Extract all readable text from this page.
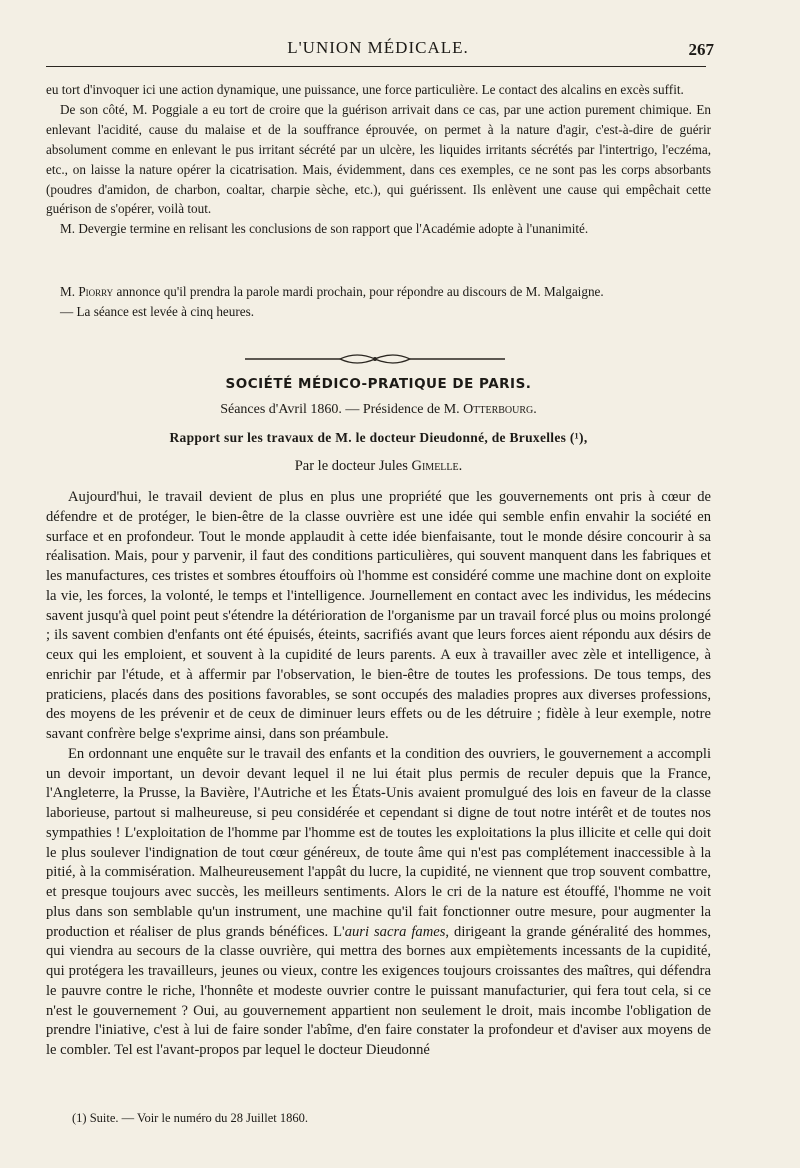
L'UNION MÉDICALE.	267

eu tort d'invoquer ici une action dynamique, une puissance, une force particulière. Le contact des alcalins en excès suffit.

De son côté, M. Poggiale a eu tort de croire que la guérison arrivait dans ce cas, par une action purement chimique. En enlevant l'acidité, cause du malaise et de la souffrance éprouvée, on permet à la nature d'agir, c'est-à-dire de guérir absolument comme en enlevant le pus irritant sécrété par un ulcère, les liquides irritants sécrétés par l'intertrigo, l'eczéma, etc., on laisse la nature opérer la cicatrisation. Mais, évidemment, dans ces exemples, ce ne sont pas les corps absorbants (poudres d'amidon, de charbon, coaltar, charpie sèche, etc.), qui guérissent. Ils enlèvent une cause qui empêchait cette guérison de s'opérer, voilà tout.

M. Devergie termine en relisant les conclusions de son rapport que l'Académie adopte à l'unanimité.

M. Piorry annonce qu'il prendra la parole mardi prochain, pour répondre au discours de M. Malgaigne.

— La séance est levée à cinq heures.

SOCIÉTÉ MÉDICO-PRATIQUE DE PARIS.
Séances d'Avril 1860. — Présidence de M. Otterbourg.
Rapport sur les travaux de M. le docteur Dieudonné, de Bruxelles (¹),
Par le docteur Jules Gimelle.

Aujourd'hui, le travail devient de plus en plus une propriété que les gouvernements ont pris à cœur de défendre et de protéger, le bien-être de la classe ouvrière est une idée qui semble enfin envahir la société en surface et en profondeur. Tout le monde applaudit à cette idée bienfaisante, tout le monde désire concourir à sa réalisation. Mais, pour y parvenir, il faut des conditions particulières, qui souvent manquent dans les fabriques et les manufactures, ces tristes et sombres étouffoirs où l'homme est considéré comme une machine dont on exploite la vie, les forces, la volonté, le temps et l'intelligence. Journellement en contact avec les individus, les médecins savent jusqu'à quel point peut s'étendre la détérioration de l'organisme par un travail forcé plus ou moins prolongé ; ils savent combien d'enfants ont été épuisés, éteints, sacrifiés avant que leurs forces aient répondu aux désirs de ceux qui les emploient, et souvent à la cupidité de leurs parents. A eux à travailler avec zèle et intelligence, à enrichir par l'étude, et à affermir par l'observation, le bien-être de toutes les professions. De tous temps, des praticiens, placés dans des positions favorables, se sont occupés des maladies propres aux diverses professions, des moyens de les prévenir et de ceux de diminuer leurs effets ou de les détruire ; fidèle à leur exemple, notre savant confrère belge s'exprime ainsi, dans son préambule.

En ordonnant une enquête sur le travail des enfants et la condition des ouvriers, le gouvernement a accompli un devoir important, un devoir devant lequel il ne lui était plus permis de reculer depuis que la France, l'Angleterre, la Prusse, la Bavière, l'Autriche et les États-Unis avaient promulgué des lois en faveur de la classe laborieuse, partout si malheureuse, si peu considérée et cependant si digne de tout notre intérêt et de toutes nos sympathies ! L'exploitation de l'homme par l'homme est de toutes les exploitations la plus illicite et celle qui doit le plus soulever l'indignation de tout cœur généreux, de toute âme qui n'est pas complétement inaccessible à la pitié, à la commisération. Malheureusement l'appât du lucre, la cupidité, ne viennent que trop souvent combattre, et presque toujours avec succès, les meilleurs sentiments. Alors le cri de la nature est étouffé, l'homme ne voit plus dans son semblable qu'un instrument, une machine qu'il fait fonctionner outre mesure, pour augmenter la production et réaliser de plus grands bénéfices. L'auri sacra fames, dirigeant la grande généralité des hommes, qui viendra au secours de la classe ouvrière, qui mettra des bornes aux empiètements incessants de la cupidité, qui protégera les travailleurs, jeunes ou vieux, contre les exigences toujours croissantes des maîtres, qui défendra le pauvre contre le riche, l'honnête et modeste ouvrier contre le puissant manufacturier, qui fera tout cela, si ce n'est le gouvernement ? Oui, au gouvernement appartient non seulement le droit, mais incombe l'obligation de prendre l'iniative, c'est à lui de faire sonder l'abîme, d'en faire constater la profondeur et d'aviser aux moyens de le combler. Tel est l'avant-propos par lequel le docteur Dieudonné

(1) Suite. — Voir le numéro du 28 Juillet 1860.
